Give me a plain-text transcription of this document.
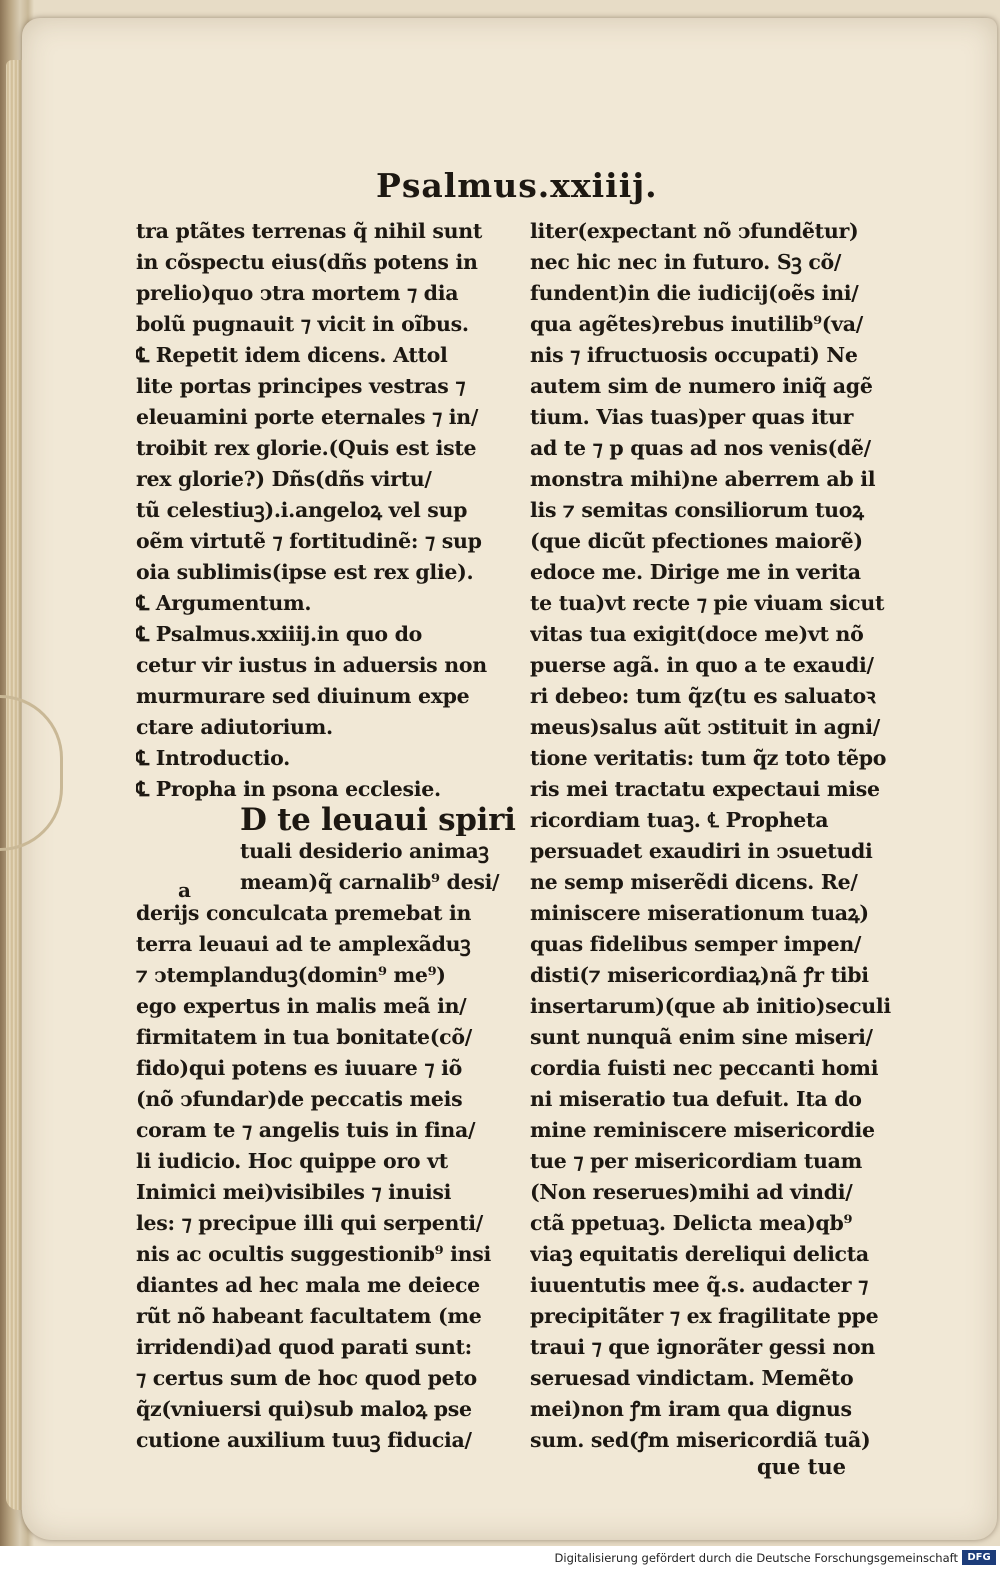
Psalmus.xxiiij.
tra ptãtes terrenas q̃ nihil sunt
in cõspectu eius(dñs potens in
prelio)quo ↄtra mortem ⁊ dia
bolũ pugnauit ⁊ vicit in oĩbus.
℄ Repetit idem dicens. Attol
lite portas principes vestras ⁊
eleuamini porte eternales ⁊ in/
troibit rex glorie.(Quis est iste
rex glorie?) Dñs(dñs virtu/
tũ celestiuꝫ).i.angeloꝝ vel sup
oẽm virtutẽ ⁊ fortitudinẽ: ⁊ sup
oia sublimis(ipse est rex glie).
℄ Argumentum.
℄ Psalmus.xxiiij.in quo do
cetur vir iustus in aduersis non
murmurare sed diuinum expe
ctare adiutorium.
℄ Introductio.
℄ Propha in psona ecclesie.
D te leuaui spiri
tuali desiderio animaꝫ
meam)q̃ carnalib⁹ desi/
derijs conculcata premebat in
terra leuaui ad te amplexãduꝫ
⁊ ↄtemplanduꝫ(domin⁹ me⁹)
ego expertus in malis meã in/
firmitatem in tua bonitate(cõ/
fido)qui potens es iuuare ⁊ iõ
(nõ ↄfundar)de peccatis meis
coram te ⁊ angelis tuis in fina/
li iudicio. Hoc quippe oro vt
Inimici mei)visibiles ⁊ inuisi
les: ⁊ precipue illi qui serpenti/
nis ac ocultis suggestionib⁹ insi
diantes ad hec mala me deiece
rũt nõ habeant facultatem (me
irridendi)ad quod parati sunt:
⁊ certus sum de hoc quod peto
q̃z(vniuersi qui)sub maloꝝ pse
cutione auxilium tuuꝫ fiducia/
liter(expectant nõ ↄfundẽtur)
nec hic nec in futuro. Sꝫ cõ/
fundent)in die iudicij(oẽs ini/
qua agẽtes)rebus inutilib⁹(va/
nis ⁊ ifructuosis occupati) Ne
autem sim de numero iniq̃ agẽ
tium. Vias tuas)per quas itur
ad te ⁊ p quas ad nos venis(dẽ/
monstra mihi)ne aberrem ab il
lis ⁊ semitas consiliorum tuoꝝ
(que dicũt pfectiones maiorẽ)
edoce me. Dirige me in verita
te tua)vt recte ⁊ pie viuam sicut
vitas tua exigit(doce me)vt nõ
puerse agã. in quo a te exaudi/
ri debeo: tum q̃z(tu es saluatoꝛ
meus)salus aũt ↄstituit in agni/
tione veritatis: tum q̃z toto tẽpo
ris mei tractatu expectaui mise
ricordiam tuaꝫ. ℄ Propheta
persuadet exaudiri in ↄsuetudi
ne semp miserẽdi dicens. Re/
miniscere miserationum tuaꝝ)
quas fidelibus semper impen/
disti(⁊ misericordiaꝝ)nã ꝭr tibi
insertarum)(que ab initio)seculi
sunt nunquã enim sine miseri/
cordia fuisti nec peccanti homi
ni miseratio tua defuit. Ita do
mine reminiscere misericordie
tue ⁊ per misericordiam tuam
(Non reserues)mihi ad vindi/
ctã ppetuaꝫ. Delicta mea)qb⁹
viaꝫ equitatis dereliqui delicta
iuuentutis mee q̃.s. audacter ⁊
precipitãter ⁊ ex fragilitate ppe
traui ⁊ que ignorãter gessi non
seruesad vindictam. Memẽto
mei)non ꝭm iram qua dignus
sum. sed(ꝭm misericordiã tuã)
a
que tue
Digitalisierung gefördert durch die Deutsche Forschungsgemeinschaft DFG
